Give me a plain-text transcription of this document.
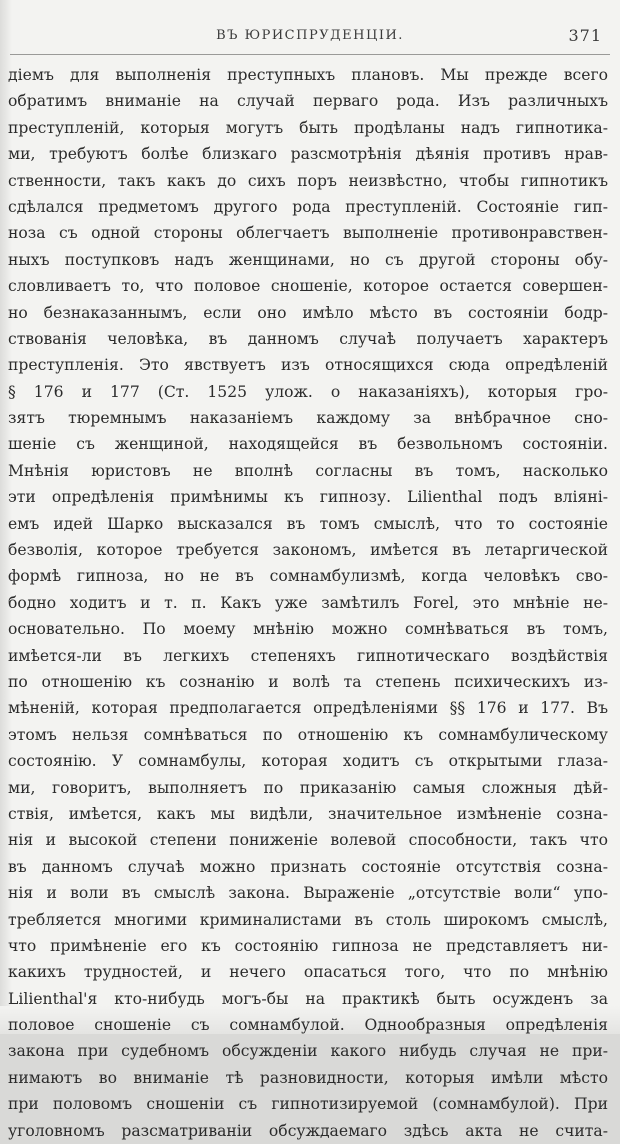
ВЪ ЮРИСПРУДЕНЦІИ.	371
дiемъ для выполненія преступныхъ плановъ. Мы прежде всего
обратимъ вниманіе на случай перваго рода. Изъ различныхъ
преступленій, которыя могутъ быть продѣланы надъ гипнотика-
ми, требуютъ болѣе близкаго разсмотрѣнія дѣянія противъ нрав-
ственности, такъ какъ до сихъ поръ неизвѣстно, чтобы гипнотикъ
сдѣлался предметомъ другого рода преступленій. Состояніе гип-
ноза съ одной стороны облегчаетъ выполненіе противонравствен-
ныхъ поступковъ надъ женщинами, но съ другой стороны обу-
словливаетъ то, что половое сношеніе, которое остается совершен-
но безнаказаннымъ, если оно имѣло мѣсто въ состояніи бодр-
ствованія человѣка, въ данномъ случаѣ получаетъ характеръ
преступленія. Это явствуетъ изъ относящихся сюда опредѣленій
§ 176 и 177 (Ст. 1525 улож. о наказаніяхъ), которыя гро-
зятъ тюремнымъ наказаніемъ каждому за внѣбрачное сно-
шеніе съ женщиной, находящейся въ безвольномъ состояніи.
Мнѣнія юристовъ не вполнѣ согласны въ томъ, насколько
эти опредѣленія примѣнимы къ гипнозу. Lilienthal подъ вліяні-
емъ идей Шарко высказался въ томъ смыслѣ, что то состояніе
безволія, которое требуется закономъ, имѣется въ летаргической
формѣ гипноза, но не въ сомнамбулизмѣ, когда человѣкъ сво-
бодно ходитъ и т. п. Какъ уже замѣтилъ Forel, это мнѣніе не-
основательно. По моему мнѣнію можно сомнѣваться въ томъ,
имѣется-ли въ легкихъ степеняхъ гипнотическаго воздѣйствія
по отношенію къ сознанію и волѣ та степень психическихъ из-
мѣненій, которая предполагается опредѣленіями §§ 176 и 177. Въ
этомъ нельзя сомнѣваться по отношенію къ сомнамбулическому
состоянію. У сомнамбулы, которая ходитъ съ открытыми глаза-
ми, говоритъ, выполняетъ по приказанію самыя сложныя дѣй-
ствія, имѣется, какъ мы видѣли, значительное измѣненіе созна-
нія и высокой степени пониженіе волевой способности, такъ что
въ данномъ случаѣ можно признать состояніе отсутствія созна-
нія и воли въ смыслѣ закона. Выраженіе „отсутствіе воли“ упо-
требляется многими криминалистами въ столь широкомъ смыслѣ,
что примѣненіе его къ состоянію гипноза не представляетъ ни-
какихъ трудностей, и нечего опасаться того, что по мнѣнію
Lilienthal'я кто-нибудь могъ-бы на практикѣ быть осужденъ за
половое сношеніе съ сомнамбулой. Однообразныя опредѣленія
закона при судебномъ обсужденіи какого нибудь случая не при-
нимаютъ во вниманіе тѣ разновидности, которыя имѣли мѣсто
при половомъ сношеніи съ гипнотизируемой (сомнамбулой). При
уголовномъ разсматриваніи обсуждаемаго здѣсь акта не счита-
